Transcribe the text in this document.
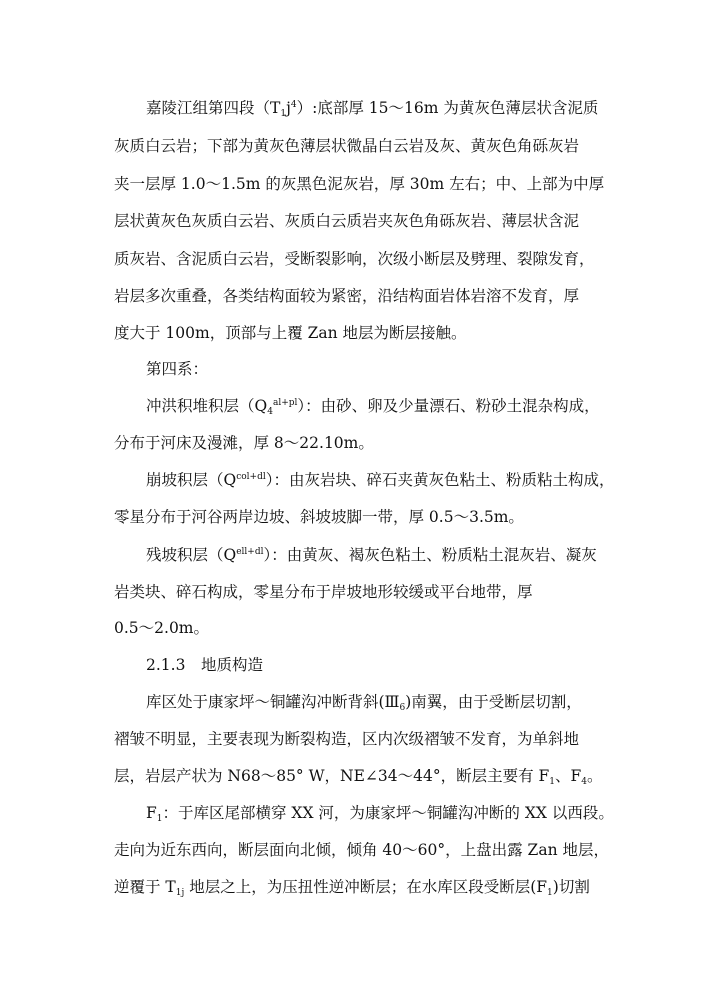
嘉陵江组第四段$(T_1j^4)$:底部厚 15～16m 为黄灰色薄层状含泥质
灰质白云岩；下部为黄灰色薄层状微晶白云岩及灰、黄灰色角砾灰岩
夹一层厚 1.0～1.5m 的灰黑色泥灰岩，厚 30m 左右；中、上部为中厚
层状黄灰色灰质白云岩、灰质白云质岩夹灰色角砾灰岩、薄层状含泥
质灰岩、含泥质白云岩，受断裂影响，次级小断层及劈理、裂隙发育，
岩层多次重叠，各类结构面较为紧密，沿结构面岩体岩溶不发育，厚
度大于 100m，顶部与上覆 Zan 地层为断层接触。
第四系：
冲洪积堆积层$(Q_4^{al+pl})$：由砂、卵及少量漂石、粉砂土混杂构成，
分布于河床及漫滩，厚 8～22.10m。
崩坡积层$(Q^{col+dl})$：由灰岩块、碎石夹黄灰色粘土、粉质粘土构成，
零星分布于河谷两岸边坡、斜坡坡脚一带，厚 0.5～3.5m。
残坡积层$(Q^{ell+dl})$：由黄灰、褐灰色粘土、粉质粘土混灰岩、凝灰
岩类块、碎石构成，零星分布于岸坡地形较缓或平台地带，厚
0.5～2.0m。
2.1.3　地质构造
库区处于康家坪～铜罐沟冲断背斜$(Ⅲ_6)$南翼，由于受断层切割，
褶皱不明显，主要表现为断裂构造，区内次级褶皱不发育，为单斜地
层，岩层产状为 N68～85° W，NE∠34～44°，断层主要有 $F_1$、$F_4$。
$F_1$：于库区尾部横穿 XX 河，为康家坪～铜罐沟冲断的 XX 以西段。
走向为近东西向，断层面向北倾，倾角 40～60°，上盘出露 Zan 地层，
逆覆于 $T_{1j}$ 地层之上，为压扭性逆冲断层；在水库区段受断层$(F_1)$切割
